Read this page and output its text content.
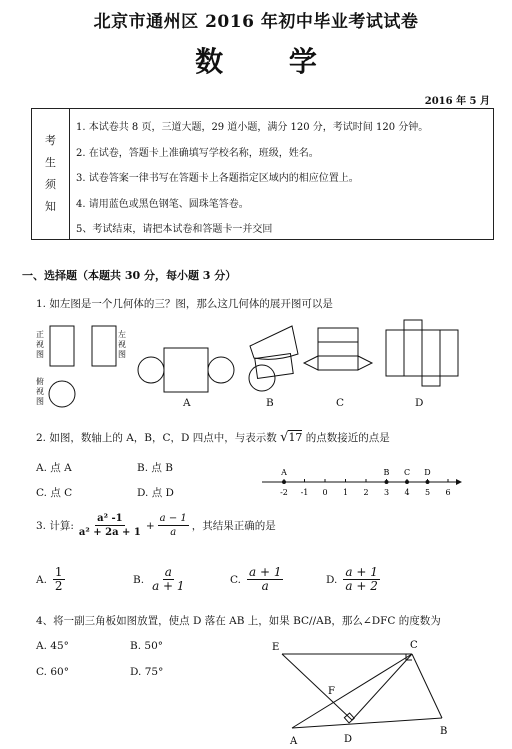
北京市通州区 2016 年初中毕业考试试卷
数 学
2016 年 5 月
考
生
须
知
1. 本试卷共 8 页，三道大题，29 道小题，满分 120 分，考试时间 120 分钟。
2. 在试卷，答题卡上准确填写学校名称，班级，姓名。
3. 试卷答案一律书写在答题卡上各题指定区域内的相应位置上。
4. 请用蓝色或黑色钢笔、圆珠笔答卷。
5、考试结束，请把本试卷和答题卡一并交回
一、选择题（本题共 30 分，每小题 3 分）
1. 如左图是一个几何体的三？图，那么这几何体的展开图可以是
正视图
左视图
俯视图	A	B	C	D
2. 如图，数轴上的 A，B，C，D 四点中，与表示数 √17 的点数接近的点是
A. 点 A	B. 点 B
C. 点 C	D. 点 D	-2 -1 0 1 2 3 4 5 6
A	B C D
3. 计算: $\frac{\text{a² -1}}{\text{a² + 2a + 1}} + \frac{a - 1}{a}$ ，其结果正确的是
A. $\frac{1}{2}$	B. $\frac{a}{a + 1}$	C. $\frac{a + 1}{a}$	D. $\frac{a + 1}{a + 2}$
4、将一副三角板如图放置，使点 D 落在 AB 上，如果 BC//AB，那么∠DFC 的度数为
A. 45°	B. 50°
C. 60°	D. 75°
E	C
F
A	D
B
